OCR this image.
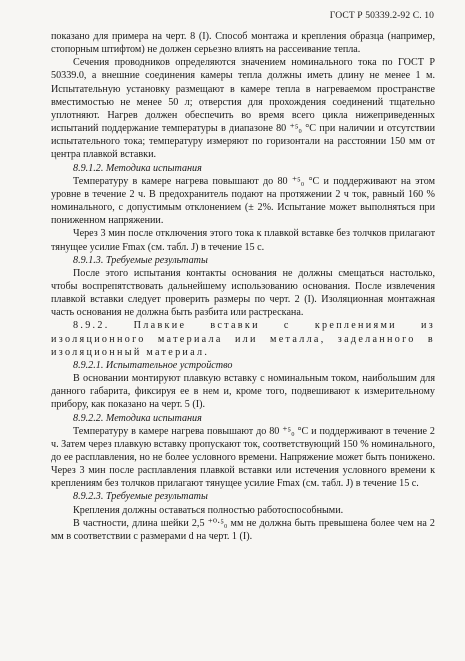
ГОСТ Р 50339.2-92 С. 10

показано для примера на черт. 8 (I). Способ монтажа и крепления образца (например, стопорным штифтом) не должен серьезно влиять на рассеивание тепла.

Сечения проводников определяются значением номинального тока по ГОСТ Р 50339.0, а внешние соединения камеры тепла должны иметь длину не менее 1 м. Испытательную установку размещают в камере тепла в нагреваемом пространстве вместимостью не менее 50 л; отверстия для прохождения соединений тщательно уплотняют. Нагрев должен обеспечить во время всего цикла нижеприведенных испытаний поддержание температуры в диапазоне 80 ⁺⁵₀ °С при наличии и отсутствии испытательного тока; температуру измеряют по горизонтали на расстоянии 150 мм от центра плавкой вставки.

8.9.1.2. Методика испытания

Температуру в камере нагрева повышают до 80 ⁺⁵₀ °С и поддерживают на этом уровне в течение 2 ч. В предохранитель подают на протяжении 2 ч ток, равный 160 % номинального, с допустимым отклонением (± 2%. Испытание может выполняться при пониженном напряжении.

Через 3 мин после отключения этого тока к плавкой вставке без толчков прилагают тянущее усилие Fmax (см. табл. J) в течение 15 с.

8.9.1.3. Требуемые результаты

После этого испытания контакты основания не должны смещаться настолько, чтобы воспрепятствовать дальнейшему использованию основания. После извлечения плавкой вставки следует проверить размеры по черт. 2 (I). Изоляционная монтажная часть основания не должна быть разбита или растрескана.

8.9.2. Плавкие вставки с креплениями из изоляционного материала или металла, заделанного в изоляционный материал.

8.9.2.1. Испытательное устройство

В основании монтируют плавкую вставку с номинальным током, наибольшим для данного габарита, фиксируя ее в нем и, кроме того, подвешивают к измерительному прибору, как показано на черт. 5 (I).

8.9.2.2. Методика испытания

Температуру в камере нагрева повышают до 80 ⁺⁵₀ °С и поддерживают в течение 2 ч. Затем через плавкую вставку пропускают ток, соответствующий 150 % номинального, до ее расплавления, но не более условного времени. Напряжение может быть понижено. Через 3 мин после расплавления плавкой вставки или истечения условного времени к креплениям без толчков прилагают тянущее усилие Fmax (см. табл. J) в течение 15 с.

8.9.2.3. Требуемые результаты

Крепления должны оставаться полностью работоспособными.

В частности, длина шейки 2,5 ⁺⁰·⁵₀ мм не должна быть превышена более чем на 2 мм в соответствии с размерами d на черт. 1 (I).
